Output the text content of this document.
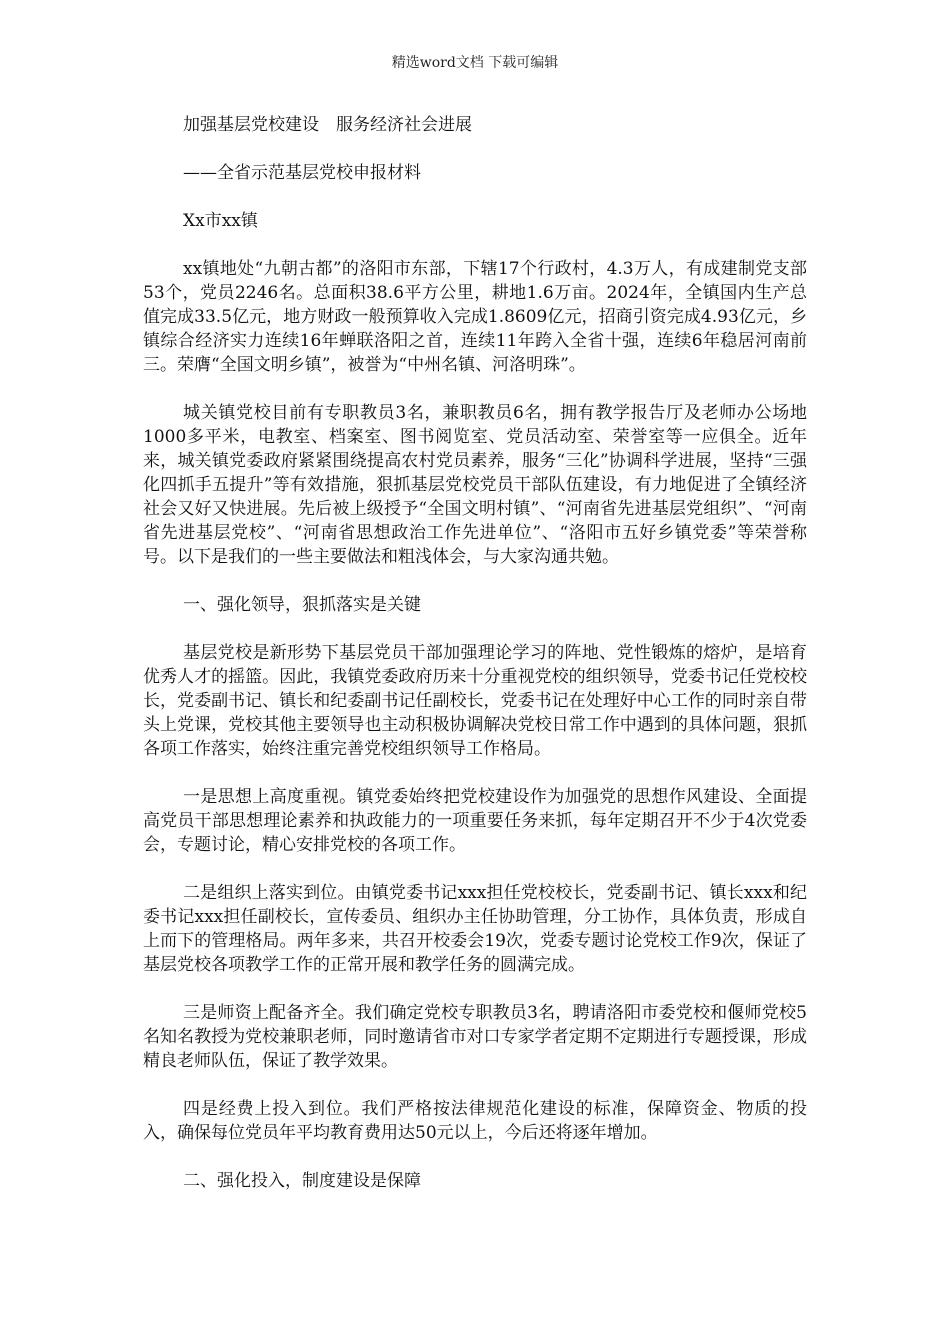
精选word文档 下载可编辑

加强基层党校建设　服务经济社会进展

——全省示范基层党校申报材料

Xx市xx镇

xx镇地处“九朝古都”的洛阳市东部，下辖17个行政村，4.3万人，有成建制党支部53个，党员2246名。总面积38.6平方公里，耕地1.6万亩。2024年，全镇国内生产总值完成33.5亿元，地方财政一般预算收入完成1.8609亿元，招商引资完成4.93亿元，乡镇综合经济实力连续16年蝉联洛阳之首，连续11年跨入全省十强，连续6年稳居河南前三。荣膺“全国文明乡镇”，被誉为“中州名镇、河洛明珠”。

城关镇党校目前有专职教员3名，兼职教员6名，拥有教学报告厅及老师办公场地1000多平米，电教室、档案室、图书阅览室、党员活动室、荣誉室等一应俱全。近年来，城关镇党委政府紧紧围绕提高农村党员素养，服务“三化”协调科学进展，坚持“三强化四抓手五提升”等有效措施，狠抓基层党校党员干部队伍建设，有力地促进了全镇经济社会又好又快进展。先后被上级授予“全国文明村镇”、“河南省先进基层党组织”、“河南省先进基层党校”、“河南省思想政治工作先进单位”、“洛阳市五好乡镇党委”等荣誉称号。以下是我们的一些主要做法和粗浅体会，与大家沟通共勉。

一、强化领导，狠抓落实是关键

基层党校是新形势下基层党员干部加强理论学习的阵地、党性锻炼的熔炉，是培育优秀人才的摇篮。因此，我镇党委政府历来十分重视党校的组织领导，党委书记任党校校长，党委副书记、镇长和纪委副书记任副校长，党委书记在处理好中心工作的同时亲自带头上党课，党校其他主要领导也主动积极协调解决党校日常工作中遇到的具体问题，狠抓各项工作落实，始终注重完善党校组织领导工作格局。

一是思想上高度重视。镇党委始终把党校建设作为加强党的思想作风建设、全面提高党员干部思想理论素养和执政能力的一项重要任务来抓，每年定期召开不少于4次党委会，专题讨论，精心安排党校的各项工作。

二是组织上落实到位。由镇党委书记xxx担任党校校长，党委副书记、镇长xxx和纪委书记xxx担任副校长，宣传委员、组织办主任协助管理，分工协作，具体负责，形成自上而下的管理格局。两年多来，共召开校委会19次，党委专题讨论党校工作9次，保证了基层党校各项教学工作的正常开展和教学任务的圆满完成。

三是师资上配备齐全。我们确定党校专职教员3名，聘请洛阳市委党校和偃师党校5名知名教授为党校兼职老师，同时邀请省市对口专家学者定期不定期进行专题授课，形成精良老师队伍，保证了教学效果。

四是经费上投入到位。我们严格按法律规范化建设的标准，保障资金、物质的投入，确保每位党员年平均教育费用达50元以上，今后还将逐年增加。

二、强化投入，制度建设是保障
